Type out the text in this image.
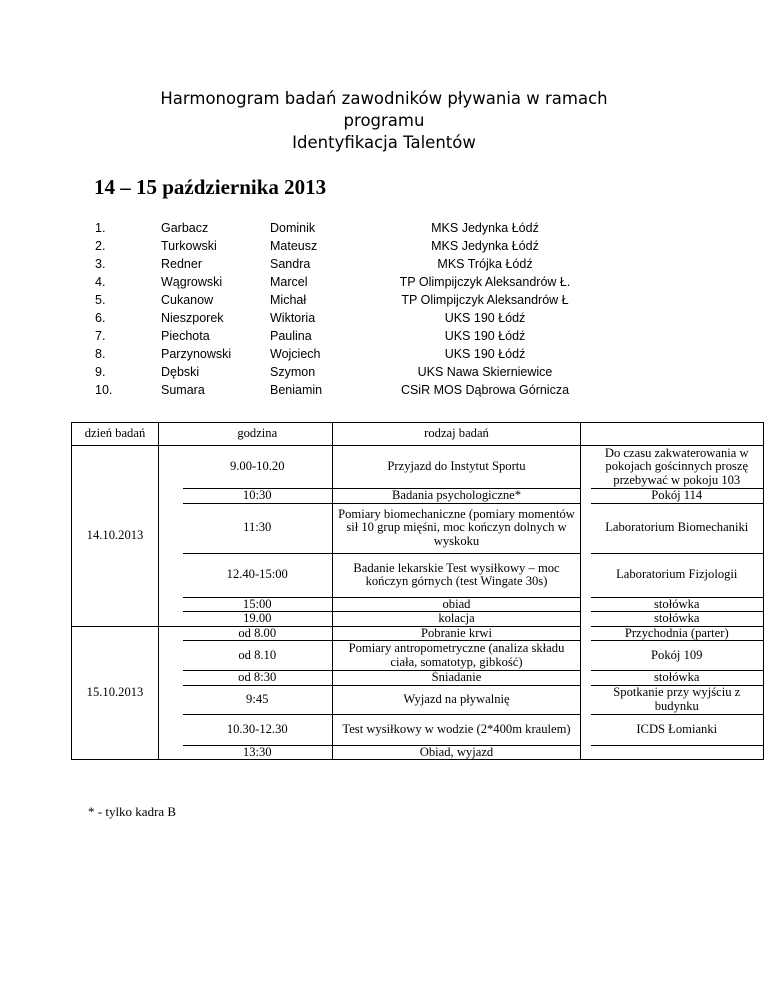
Harmonogram badań zawodników pływania w ramach
programu
Identyfikacja Talentów
14 – 15 października 2013
1.	Garbacz	Dominik	MKS Jedynka Łódź
2.	Turkowski	Mateusz	MKS Jedynka Łódź
3.	Redner	Sandra	MKS Trójka Łódź
4.	Wągrowski	Marcel	TP Olimpijczyk Aleksandrów Ł.
5.	Cukanow	Michał	TP Olimpijczyk Aleksandrów Ł
6.	Nieszporek	Wiktoria	UKS 190 Łódź
7.	Piechota	Paulina	UKS 190 Łódź
8.	Parzynowski	Wojciech	UKS 190 Łódź
9.	Dębski	Szymon	UKS Nawa Skierniewice
10.	Sumara	Beniamin	CSiR MOS Dąbrowa Górnicza
dzień badań		godzina	rodzaj badań		
14.10.2013		9.00-10.20	Przyjazd do Instytut Sportu		Do czasu zakwaterowania w pokojach gościnnych proszę przebywać w pokoju 103
		10:30	Badania psychologiczne*		Pokój 114
		11:30	Pomiary biomechaniczne (pomiary momentów sił 10 grup mięśni, moc kończyn dolnych w wyskoku		Laboratorium Biomechaniki
		12.40-15:00	Badanie lekarskie Test wysiłkowy – moc kończyn górnych (test Wingate 30s)		Laboratorium Fizjologii
		15:00	obiad		stołówka
		19.00	kolacja		stołówka
15.10.2013		od 8.00	Pobranie krwi		Przychodnia (parter)
		od 8.10	Pomiary antropometryczne (analiza składu ciała, somatotyp, gibkość)		Pokój 109
		od 8:30	Śniadanie		stołówka
		9:45	Wyjazd na pływalnię		Spotkanie przy wyjściu z budynku
		10.30-12.30	Test wysiłkowy w wodzie (2*400m kraulem)		ICDS Łomianki
		13:30	Obiad, wyjazd		
* - tylko kadra B
